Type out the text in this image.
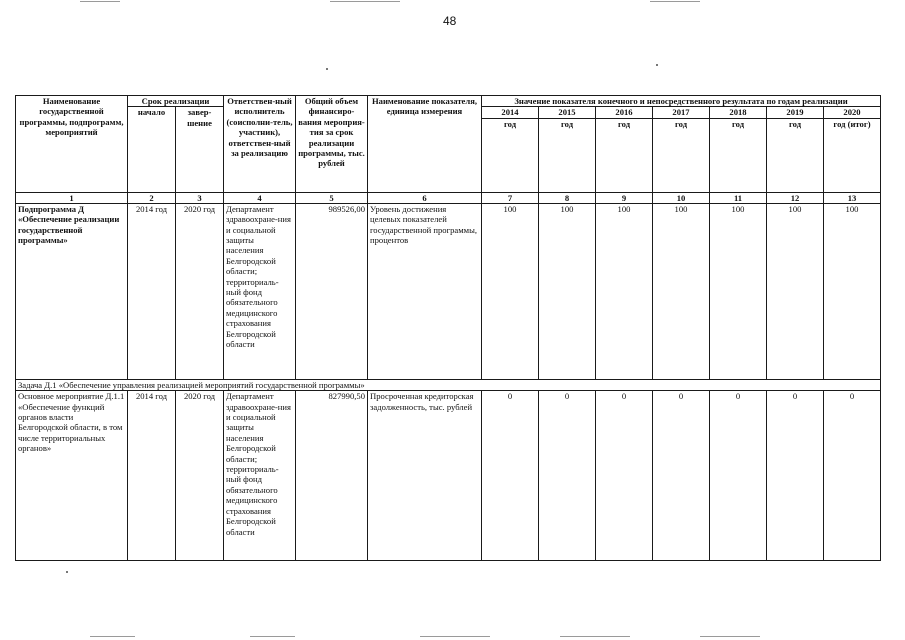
48
Наименование государственной программы, подпрограмм, мероприятий	Срок реализации		Ответствен-ный исполнитель (соисполни-тель, участник), ответствен-ный за реализацию	Общий объем финансиро-вания мероприя-тия за срок реализации программы, тыс. рублей	Наименование показателя, единица измерения	Значение показателя конечного и непосредственного результата по годам реализации						
	начало	завер-шение				2014	2015	2016	2017	2018	2019	2020
						год	год	год	год	год	год	год (итог)
1	2	3	4	5	6	7	8	9	10	11	12	13
Подпрограмма Д «Обеспечение реализации государственной программы»	2014 год	2020 год	Департамент здравоохране-ния и социальной защиты населения Белгородской области; территориаль-ный фонд обязательного медицинского страхования Белгородской области	989526,00	Уровень достижения целевых показателей государственной программы, процентов	100	100	100	100	100	100	100
Задача Д.1 «Обеспечение управления реализацией мероприятий государственной программы»												
Основное мероприятие Д.1.1 «Обеспечение функций органов власти Белгородской области, в том числе территориальных органов»	2014 год	2020 год	Департамент здравоохране-ния и социальной защиты населения Белгородской области; территориаль-ный фонд обязательного медицинского страхования Белгородской области	827990,50	Просроченная кредиторская задолженность, тыс. рублей	0	0	0	0	0	0	0
